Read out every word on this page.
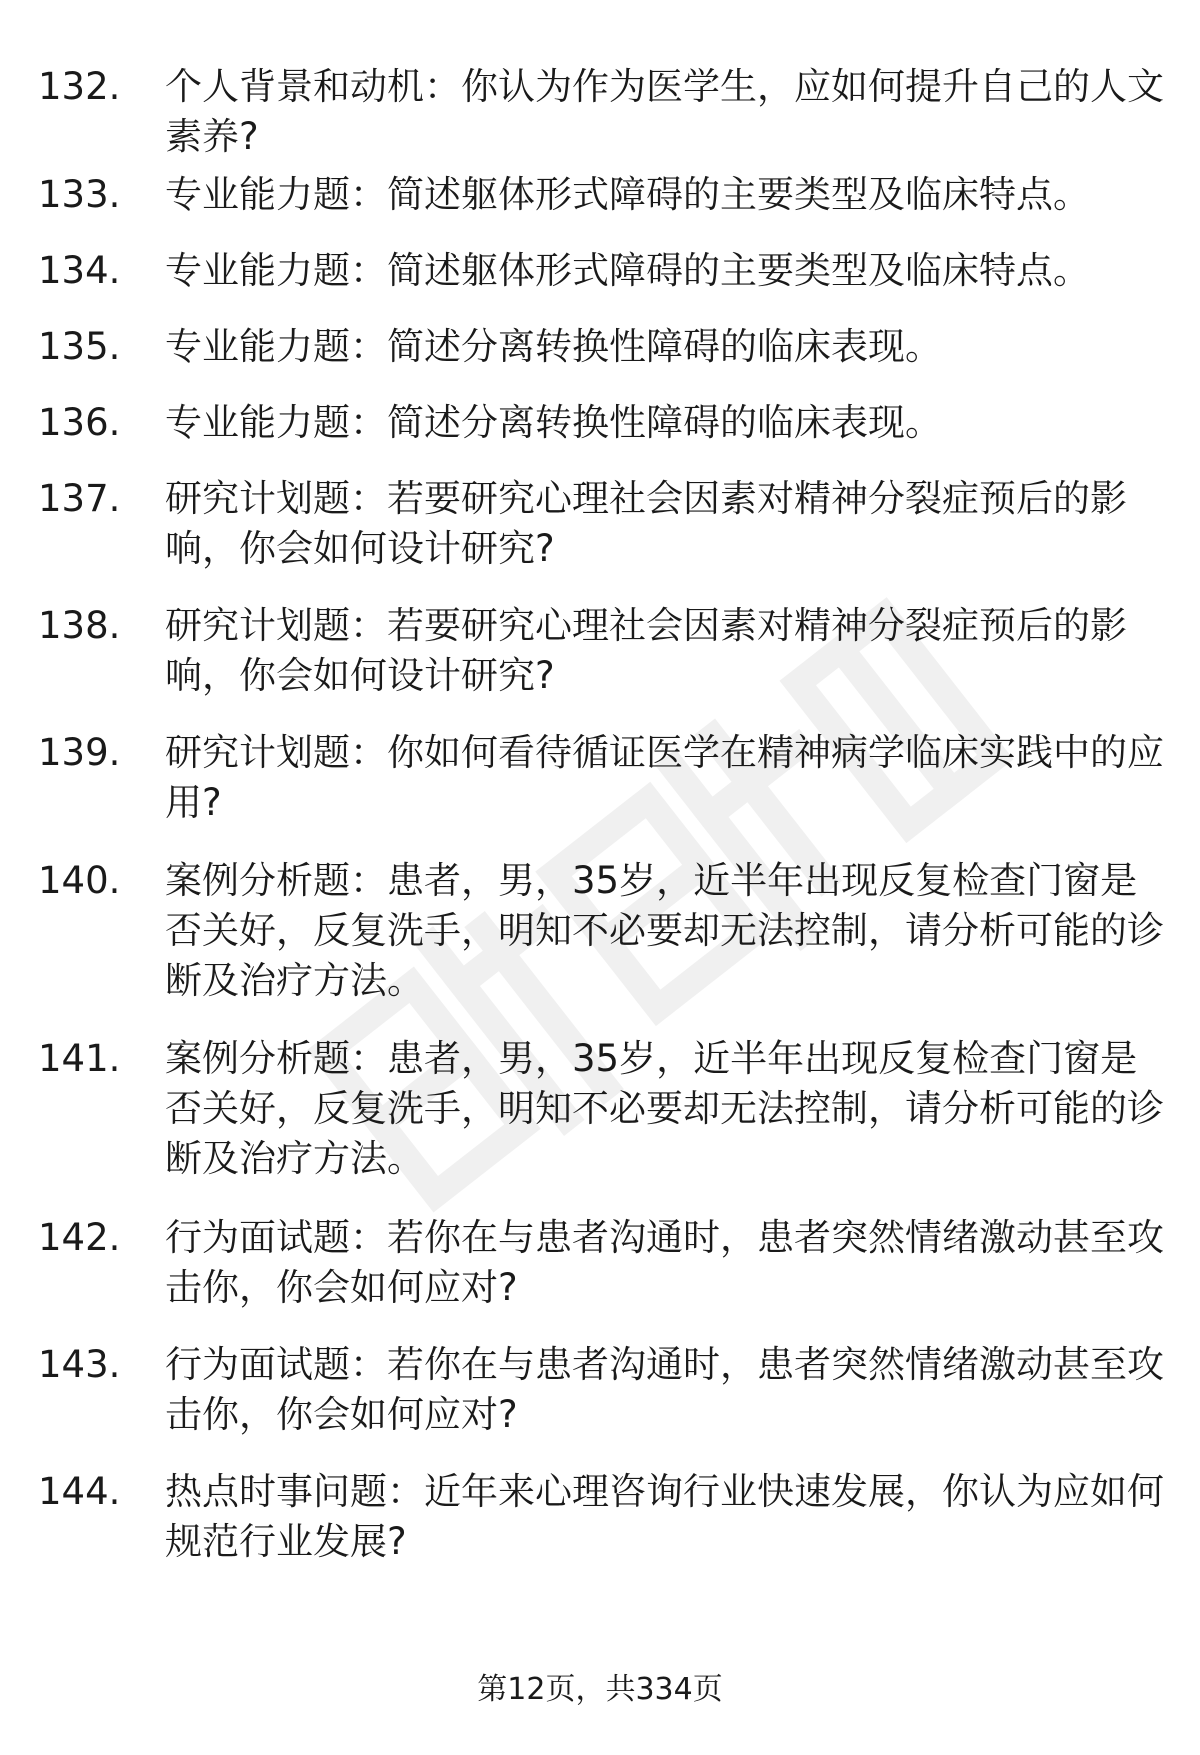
132. 个人背景和动机：你认为作为医学生，应如何提升自己的人文素养?
133. 专业能力题：简述躯体形式障碍的主要类型及临床特点。
134. 专业能力题：简述躯体形式障碍的主要类型及临床特点。
135. 专业能力题：简述分离转换性障碍的临床表现。
136. 专业能力题：简述分离转换性障碍的临床表现。
137. 研究计划题：若要研究心理社会因素对精神分裂症预后的影响，你会如何设计研究?
138. 研究计划题：若要研究心理社会因素对精神分裂症预后的影响，你会如何设计研究?
139. 研究计划题：你如何看待循证医学在精神病学临床实践中的应用?
140. 案例分析题：患者，男，35岁，近半年出现反复检查门窗是否关好，反复洗手，明知不必要却无法控制，请分析可能的诊断及治疗方法。
141. 案例分析题：患者，男，35岁，近半年出现反复检查门窗是否关好，反复洗手，明知不必要却无法控制，请分析可能的诊断及治疗方法。
142. 行为面试题：若你在与患者沟通时，患者突然情绪激动甚至攻击你，你会如何应对?
143. 行为面试题：若你在与患者沟通时，患者突然情绪激动甚至攻击你，你会如何应对?
144. 热点时事问题：近年来心理咨询行业快速发展，你认为应如何规范行业发展?
第12页，共334页
